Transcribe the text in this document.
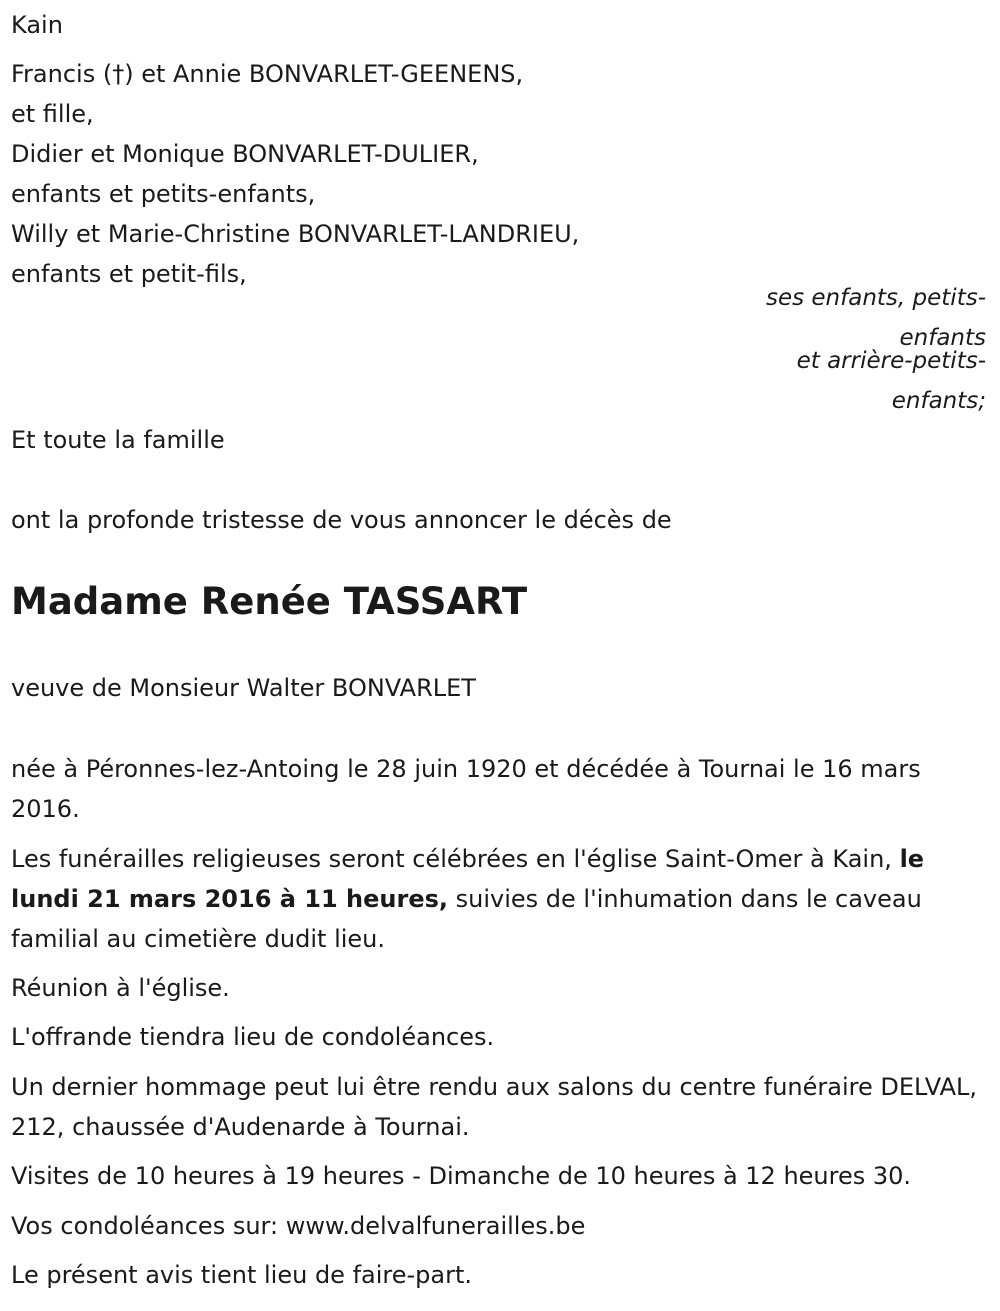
Kain

Francis (†) et Annie BONVARLET-GEENENS,

et fille,

Didier et Monique BONVARLET-DULIER,

enfants et petits-enfants,

Willy et Marie-Christine BONVARLET-LANDRIEU,

enfants et petit-fils,

ses enfants, petits-
enfants
et arrière-petits-
enfants;

Et toute la famille

ont la profonde tristesse de vous annoncer le décès de

Madame Renée TASSART

veuve de Monsieur Walter BONVARLET

née à Péronnes-lez-Antoing le 28 juin 1920 et décédée à Tournai le 16 mars 2016.

Les funérailles religieuses seront célébrées en l'église Saint-Omer à Kain, le lundi 21 mars 2016 à 11 heures, suivies de l'inhumation dans le caveau familial au cimetière dudit lieu.

Réunion à l'église.

L'offrande tiendra lieu de condoléances.

Un dernier hommage peut lui être rendu aux salons du centre funéraire DELVAL, 212, chaussée d'Audenarde à Tournai.

Visites de 10 heures à 19 heures - Dimanche de 10 heures à 12 heures 30.

Vos condoléances sur: www.delvalfunerailles.be

Le présent avis tient lieu de faire-part.
